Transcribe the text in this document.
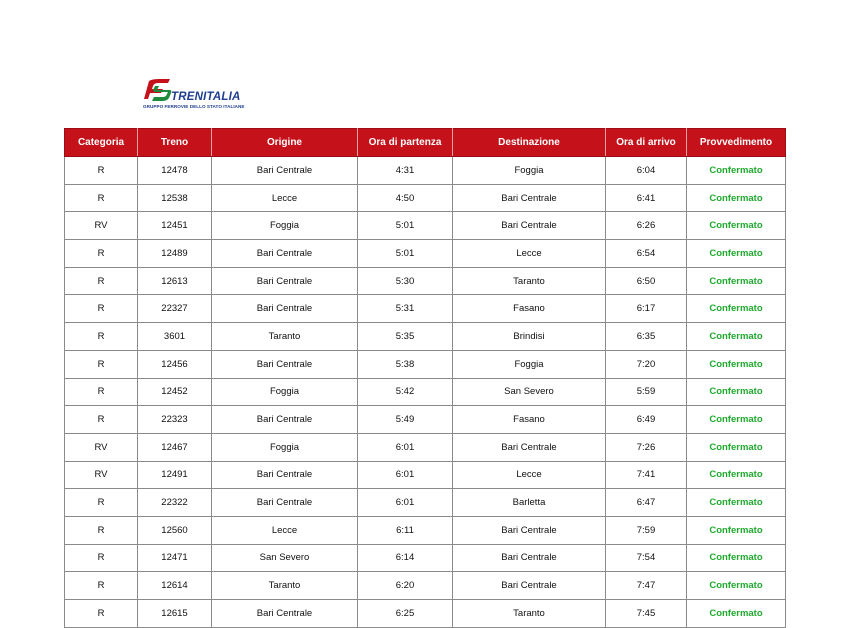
TRENITALIA
GRUPPO FERROVIE DELLO STATO ITALIANE
Categoria	Treno	Origine	Ora di partenza	Destinazione	Ora di arrivo	Provvedimento
R	12478	Bari Centrale	4:31	Foggia	6:04	Confermato
R	12538	Lecce	4:50	Bari Centrale	6:41	Confermato
RV	12451	Foggia	5:01	Bari Centrale	6:26	Confermato
R	12489	Bari Centrale	5:01	Lecce	6:54	Confermato
R	12613	Bari Centrale	5:30	Taranto	6:50	Confermato
R	22327	Bari Centrale	5:31	Fasano	6:17	Confermato
R	3601	Taranto	5:35	Brindisi	6:35	Confermato
R	12456	Bari Centrale	5:38	Foggia	7:20	Confermato
R	12452	Foggia	5:42	San Severo	5:59	Confermato
R	22323	Bari Centrale	5:49	Fasano	6:49	Confermato
RV	12467	Foggia	6:01	Bari Centrale	7:26	Confermato
RV	12491	Bari Centrale	6:01	Lecce	7:41	Confermato
R	22322	Bari Centrale	6:01	Barletta	6:47	Confermato
R	12560	Lecce	6:11	Bari Centrale	7:59	Confermato
R	12471	San Severo	6:14	Bari Centrale	7:54	Confermato
R	12614	Taranto	6:20	Bari Centrale	7:47	Confermato
R	12615	Bari Centrale	6:25	Taranto	7:45	Confermato
